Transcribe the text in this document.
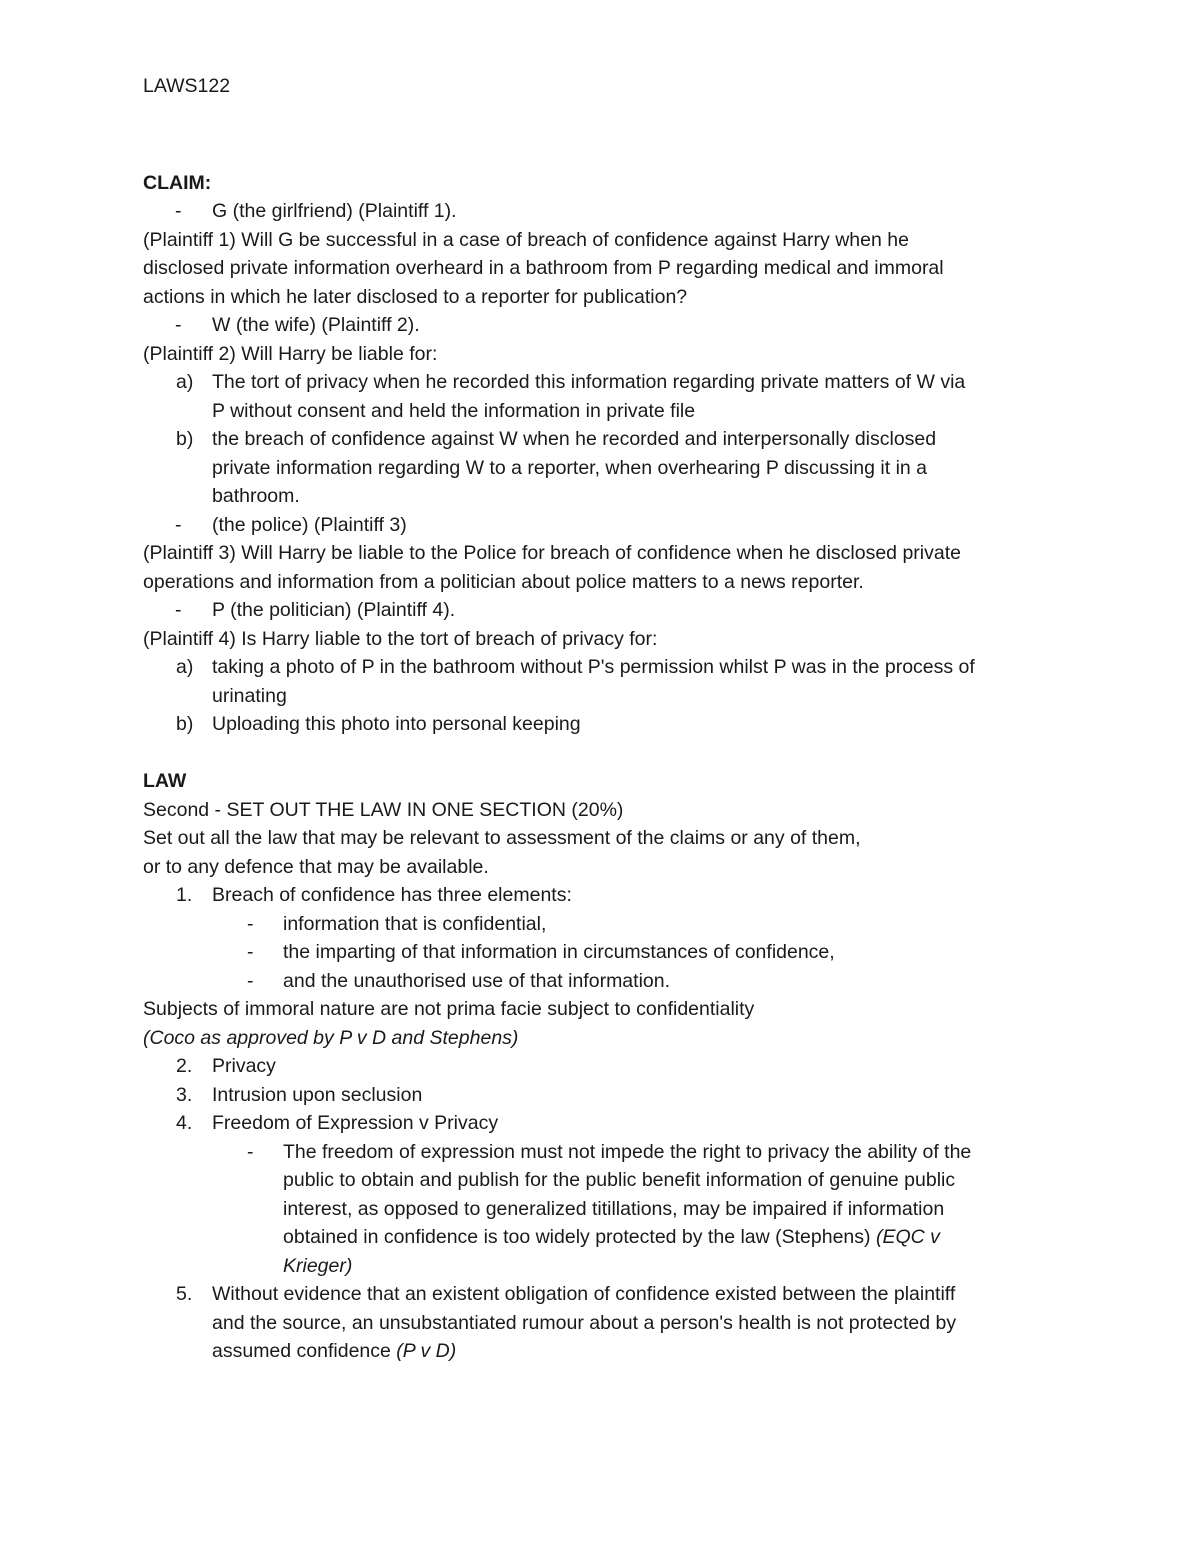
LAWS122
CLAIM:
- G (the girlfriend) (Plaintiff 1).
(Plaintiff 1) Will G be successful in a case of breach of confidence against Harry when he
disclosed private information overheard in a bathroom from P regarding medical and immoral
actions in which he later disclosed to a reporter for publication?
- W (the wife) (Plaintiff 2).
(Plaintiff 2) Will Harry be liable for:
a) The tort of privacy when he recorded this information regarding private matters of W via
P without consent and held the information in private file
b) the breach of confidence against W when he recorded and interpersonally disclosed
private information regarding W to a reporter, when overhearing P discussing it in a
bathroom.
- (the police) (Plaintiff 3)
(Plaintiff 3) Will Harry be liable to the Police for breach of confidence when he disclosed private
operations and information from a politician about police matters to a news reporter.
- P (the politician) (Plaintiff 4).
(Plaintiff 4) Is Harry liable to the tort of breach of privacy for:
a) taking a photo of P in the bathroom without P's permission whilst P was in the process of
urinating
b) Uploading this photo into personal keeping
LAW
Second - SET OUT THE LAW IN ONE SECTION (20%)
Set out all the law that may be relevant to assessment of the claims or any of them,
or to any defence that may be available.
1. Breach of confidence has three elements:
- information that is confidential,
- the imparting of that information in circumstances of confidence,
- and the unauthorised use of that information.
Subjects of immoral nature are not prima facie subject to confidentiality
(Coco as approved by P v D and Stephens)
2. Privacy
3. Intrusion upon seclusion
4. Freedom of Expression v Privacy
- The freedom of expression must not impede the right to privacy the ability of the
public to obtain and publish for the public benefit information of genuine public
interest, as opposed to generalized titillations, may be impaired if information
obtained in confidence is too widely protected by the law (Stephens) (EQC v
Krieger)
5. Without evidence that an existent obligation of confidence existed between the plaintiff
and the source, an unsubstantiated rumour about a person's health is not protected by
assumed confidence (P v D)
